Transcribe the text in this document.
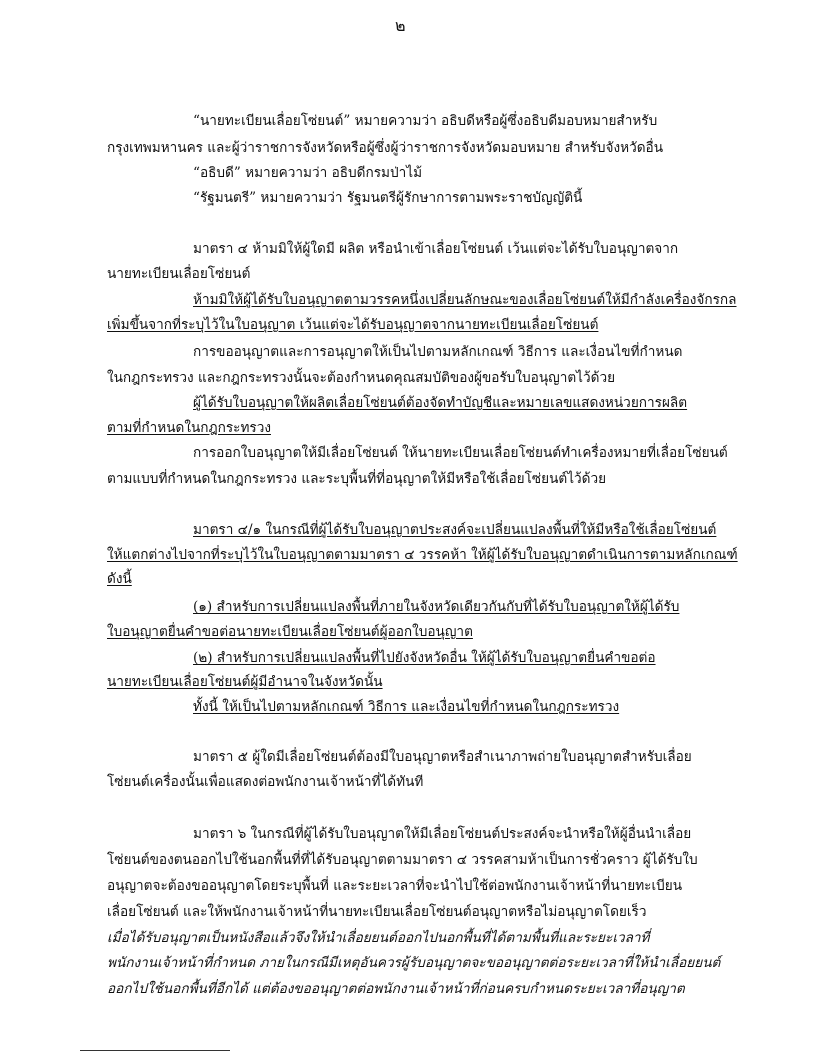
๒
“นายทะเบียนเลื่อยโซ่ยนต์” หมายความว่า อธิบดีหรือผู้ซึ่งอธิบดีมอบหมายสำหรับ
กรุงเทพมหานคร และผู้ว่าราชการจังหวัดหรือผู้ซึ่งผู้ว่าราชการจังหวัดมอบหมาย สำหรับจังหวัดอื่น
“อธิบดี” หมายความว่า อธิบดีกรมป่าไม้
“รัฐมนตรี” หมายความว่า รัฐมนตรีผู้รักษาการตามพระราชบัญญัตินี้
มาตรา ๔ ห้ามมิให้ผู้ใดมี ผลิต หรือนำเข้าเลื่อยโซ่ยนต์ เว้นแต่จะได้รับใบอนุญาตจาก
นายทะเบียนเลื่อยโซ่ยนต์
ห้ามมิให้ผู้ได้รับใบอนุญาตตามวรรคหนึ่งเปลี่ยนลักษณะของเลื่อยโซ่ยนต์ให้มีกำลังเครื่องจักรกล
เพิ่มขึ้นจากที่ระบุไว้ในใบอนุญาต เว้นแต่จะได้รับอนุญาตจากนายทะเบียนเลื่อยโซ่ยนต์
การขออนุญาตและการอนุญาตให้เป็นไปตามหลักเกณฑ์ วิธีการ และเงื่อนไขที่กำหนด
ในกฎกระทรวง และกฎกระทรวงนั้นจะต้องกำหนดคุณสมบัติของผู้ขอรับใบอนุญาตไว้ด้วย
ผู้ได้รับใบอนุญาตให้ผลิตเลื่อยโซ่ยนต์ต้องจัดทำบัญชีและหมายเลขแสดงหน่วยการผลิต
ตามที่กำหนดในกฎกระทรวง
การออกใบอนุญาตให้มีเลื่อยโซ่ยนต์ ให้นายทะเบียนเลื่อยโซ่ยนต์ทำเครื่องหมายที่เลื่อยโซ่ยนต์
ตามแบบที่กำหนดในกฎกระทรวง และระบุพื้นที่ที่อนุญาตให้มีหรือใช้เลื่อยโซ่ยนต์ไว้ด้วย
มาตรา ๔/๑ ในกรณีที่ผู้ได้รับใบอนุญาตประสงค์จะเปลี่ยนแปลงพื้นที่ให้มีหรือใช้เลื่อยโซ่ยนต์
ให้แตกต่างไปจากที่ระบุไว้ในใบอนุญาตตามมาตรา ๔ วรรคห้า ให้ผู้ได้รับใบอนุญาตดำเนินการตามหลักเกณฑ์
ดังนี้
(๑) สำหรับการเปลี่ยนแปลงพื้นที่ภายในจังหวัดเดียวกันกับที่ได้รับใบอนุญาตให้ผู้ได้รับ
ใบอนุญาตยื่นคำขอต่อนายทะเบียนเลื่อยโซ่ยนต์ผู้ออกใบอนุญาต
(๒) สำหรับการเปลี่ยนแปลงพื้นที่ไปยังจังหวัดอื่น ให้ผู้ได้รับใบอนุญาตยื่นคำขอต่อ
นายทะเบียนเลื่อยโซ่ยนต์ผู้มีอำนาจในจังหวัดนั้น
ทั้งนี้ ให้เป็นไปตามหลักเกณฑ์ วิธีการ และเงื่อนไขที่กำหนดในกฎกระทรวง
มาตรา ๕ ผู้ใดมีเลื่อยโซ่ยนต์ต้องมีใบอนุญาตหรือสำเนาภาพถ่ายใบอนุญาตสำหรับเลื่อย
โซ่ยนต์เครื่องนั้นเพื่อแสดงต่อพนักงานเจ้าหน้าที่ได้ทันที
มาตรา ๖ ในกรณีที่ผู้ได้รับใบอนุญาตให้มีเลื่อยโซ่ยนต์ประสงค์จะนำหรือให้ผู้อื่นนำเลื่อย
โซ่ยนต์ของตนออกไปใช้นอกพื้นที่ที่ได้รับอนุญาตตามมาตรา ๔ วรรคสามห้าเป็นการชั่วคราว ผู้ได้รับใบ
อนุญาตจะต้องขออนุญาตโดยระบุพื้นที่ และระยะเวลาที่จะนำไปใช้ต่อพนักงานเจ้าหน้าที่นายทะเบียน
เลื่อยโซ่ยนต์ และให้พนักงานเจ้าหน้าที่นายทะเบียนเลื่อยโซ่ยนต์อนุญาตหรือไม่อนุญาตโดยเร็ว
เมื่อได้รับอนุญาตเป็นหนังสือแล้วจึงให้นำเลื่อยยนต์ออกไปนอกพื้นที่ได้ตามพื้นที่และระยะเวลาที่
พนักงานเจ้าหน้าที่กำหนด ภายในกรณีมีเหตุอันควรผู้รับอนุญาตจะขออนุญาตต่อระยะเวลาที่ให้นำเลื่อยยนต์
ออกไปใช้นอกพื้นที่อีกได้ แต่ต้องขออนุญาตต่อพนักงานเจ้าหน้าที่ก่อนครบกำหนดระยะเวลาที่อนุญาต
